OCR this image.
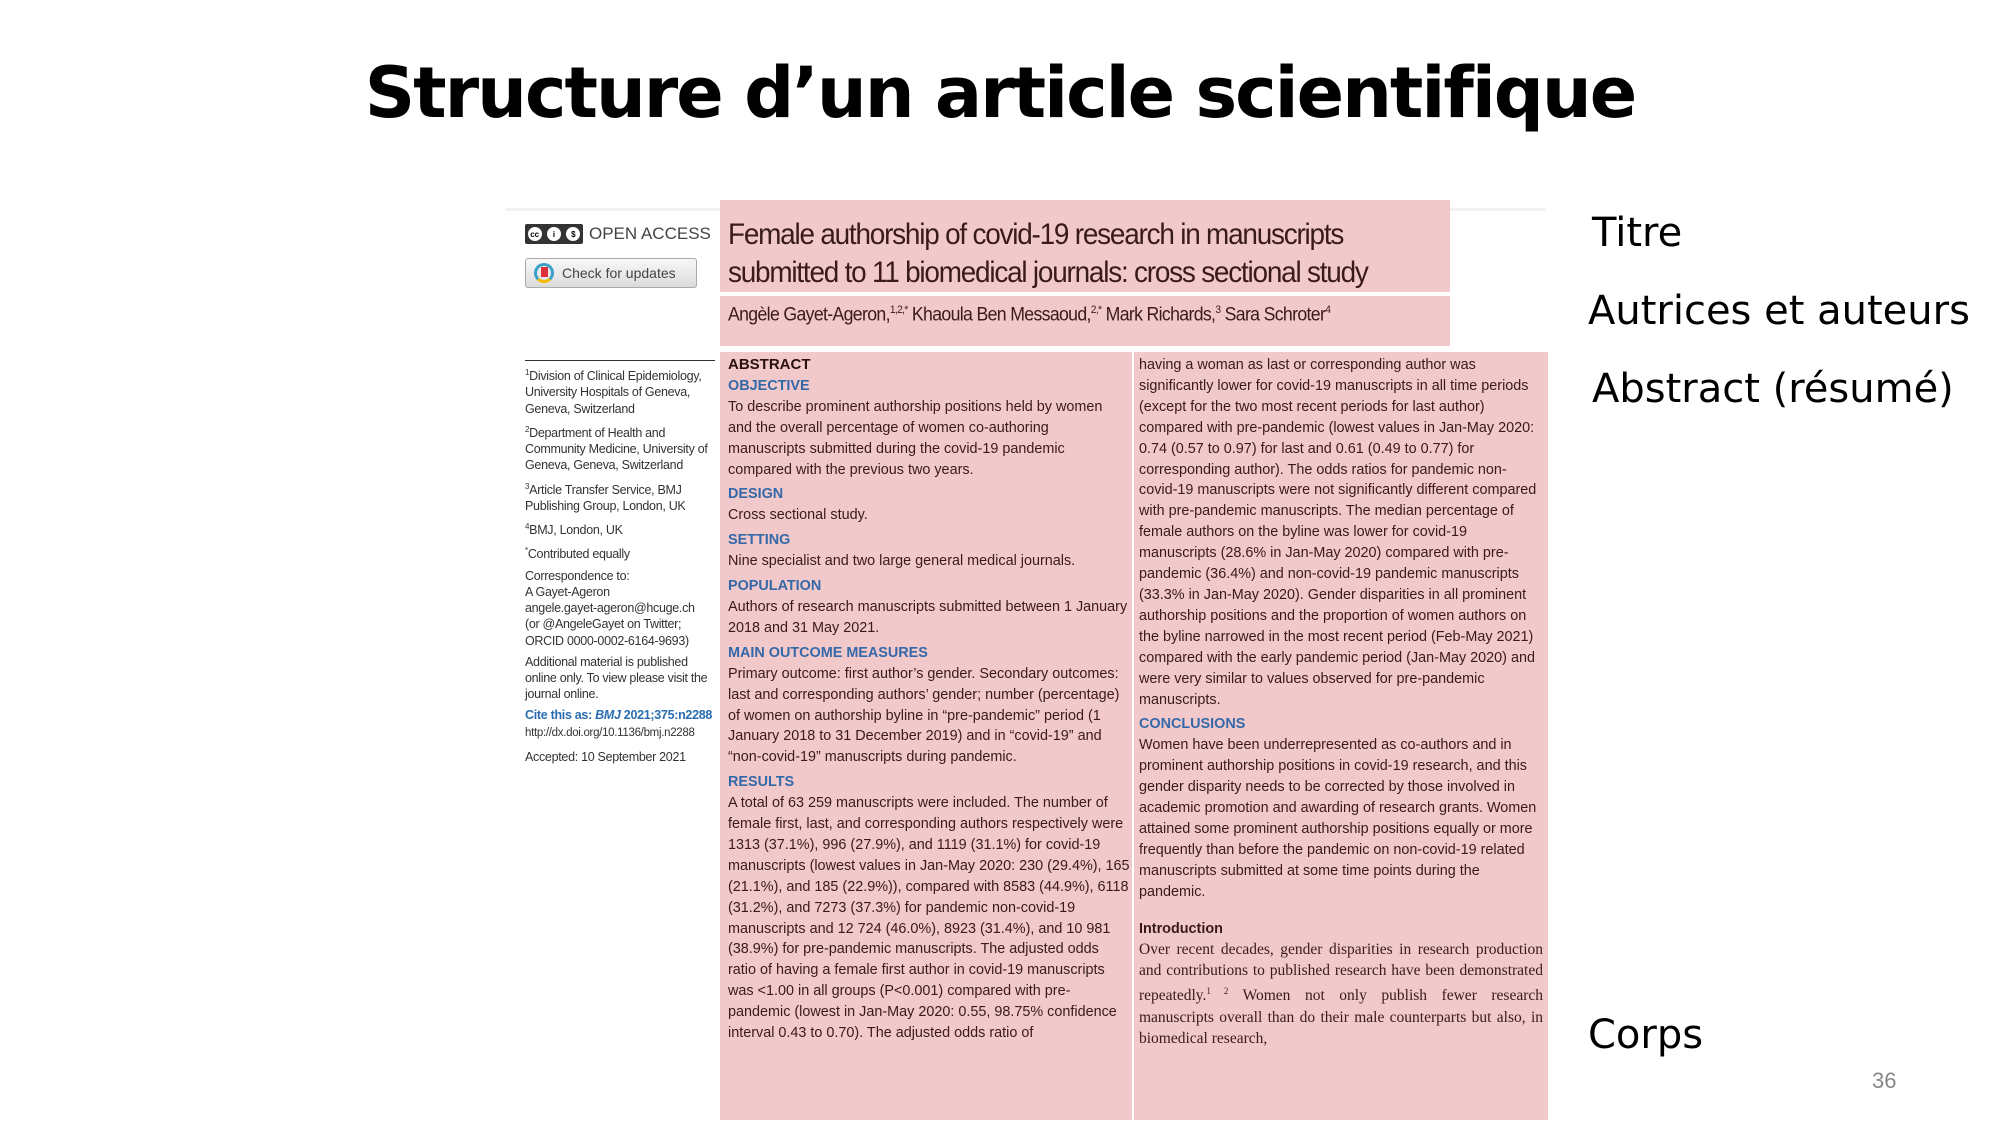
Structure d’un article scientifique
cc	i	$ OPEN ACCESS
Check for updates

$^1$Division of Clinical Epidemiology, University Hospitals of Geneva, Geneva, Switzerland

$^2$Department of Health and Community Medicine, University of Geneva, Geneva, Switzerland

$^3$Article Transfer Service, BMJ Publishing Group, London, UK

$^4$BMJ, London, UK

*Contributed equally

Correspondence to:
A Gayet-Ageron
angele.gayet-ageron@hcuge.ch
(or @AngeleGayet on Twitter; ORCID 0000-0002-6164-9693)

Additional material is published online only. To view please visit the journal online.

Cite this as: BMJ 2021;375:n2288
http://dx.doi.org/10.1136/bmj.n2288

Accepted: 10 September 2021

Female authorship of covid-19 research in manuscripts submitted to 11 biomedical journals: cross sectional study
Angèle Gayet-Ageron,$^{1,2,*}$ Khaoula Ben Messaoud,$^{2,*}$ Mark Richards,$^3$ Sara Schroter$^4$
ABSTRACT

OBJECTIVE
To describe prominent authorship positions held by women and the overall percentage of women co-authoring manuscripts submitted during the covid-19 pandemic compared with the previous two years.

DESIGN
Cross sectional study.

SETTING
Nine specialist and two large general medical journals.

POPULATION
Authors of research manuscripts submitted between 1 January 2018 and 31 May 2021.

MAIN OUTCOME MEASURES
Primary outcome: first author’s gender. Secondary outcomes: last and corresponding authors’ gender; number (percentage) of women on authorship byline in “pre-pandemic” period (1 January 2018 to 31 December 2019) and in “covid-19” and “non-covid-19” manuscripts during pandemic.

RESULTS
A total of 63 259 manuscripts were included. The number of female first, last, and corresponding authors respectively were 1313 (37.1%), 996 (27.9%), and 1119 (31.1%) for covid-19 manuscripts (lowest values in Jan-May 2020: 230 (29.4%), 165 (21.1%), and 185 (22.9%)), compared with 8583 (44.9%), 6118 (31.2%), and 7273 (37.3%) for pandemic non-covid-19 manuscripts and 12 724 (46.0%), 8923 (31.4%), and 10 981 (38.9%) for pre-pandemic manuscripts. The adjusted odds ratio of having a female first author in covid-19 manuscripts was <1.00 in all groups (P<0.001) compared with pre-pandemic (lowest in Jan-May 2020: 0.55, 98.75% confidence interval 0.43 to 0.70). The adjusted odds ratio of

having a woman as last or corresponding author was significantly lower for covid-19 manuscripts in all time periods (except for the two most recent periods for last author) compared with pre-pandemic (lowest values in Jan-May 2020: 0.74 (0.57 to 0.97) for last and 0.61 (0.49 to 0.77) for corresponding author). The odds ratios for pandemic non-covid-19 manuscripts were not significantly different compared with pre-pandemic manuscripts. The median percentage of female authors on the byline was lower for covid-19 manuscripts (28.6% in Jan-May 2020) compared with pre-pandemic (36.4%) and non-covid-19 pandemic manuscripts (33.3% in Jan-May 2020). Gender disparities in all prominent authorship positions and the proportion of women authors on the byline narrowed in the most recent period (Feb-May 2021) compared with the early pandemic period (Jan-May 2020) and were very similar to values observed for pre-pandemic manuscripts.

CONCLUSIONS
Women have been underrepresented as co-authors and in prominent authorship positions in covid-19 research, and this gender disparity needs to be corrected by those involved in academic promotion and awarding of research grants. Women attained some prominent authorship positions equally or more frequently than before the pandemic on non-covid-19 related manuscripts submitted at some time points during the pandemic.

Introduction
Over recent decades, gender disparities in research production and contributions to published research have been demonstrated repeatedly.$^{1 2}$ Women not only publish fewer research manuscripts overall than do their male counterparts but also, in biomedical research,
Titre
Autrices et auteurs
Abstract (résumé)
Corps
36
